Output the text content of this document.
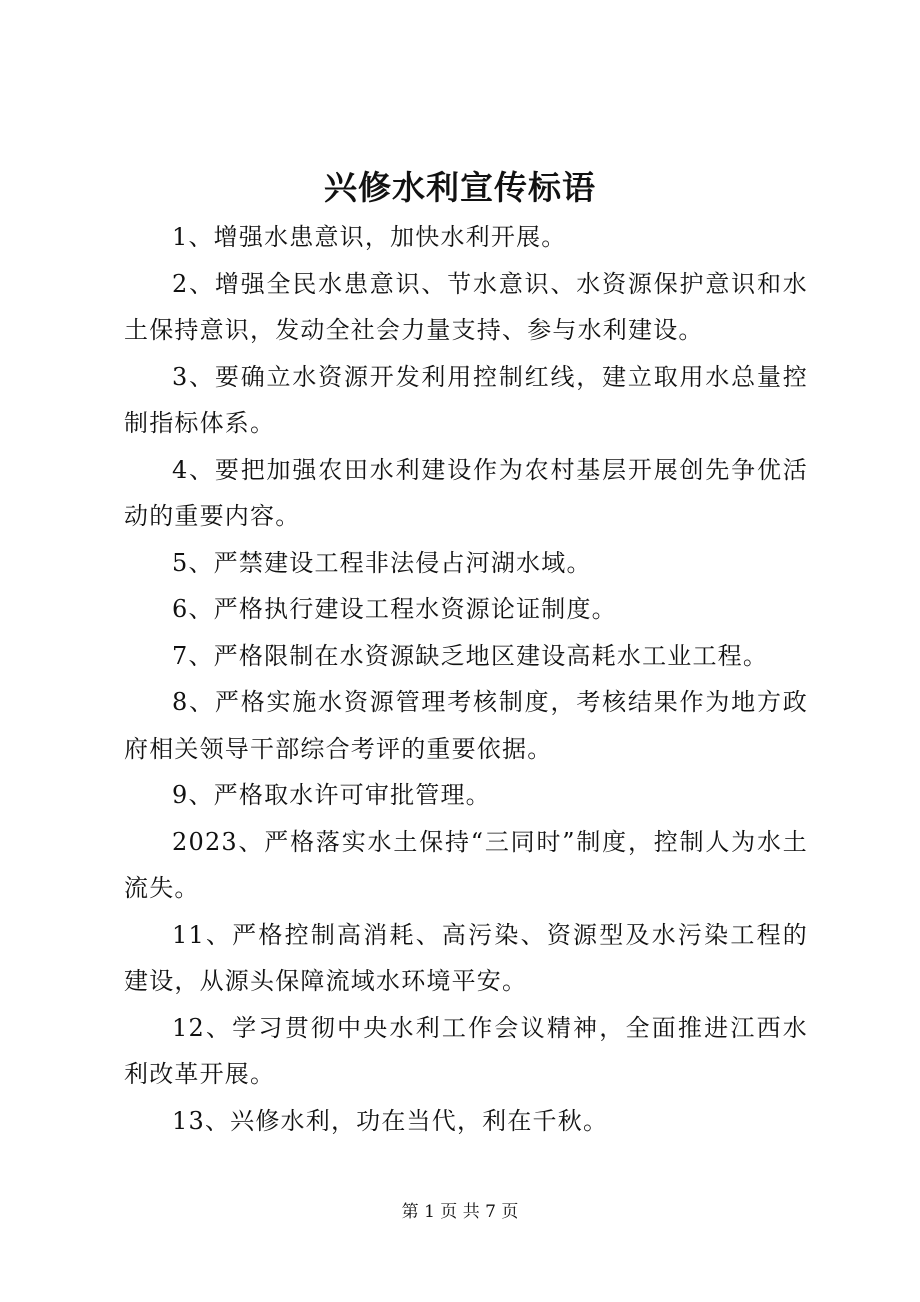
兴修水利宣传标语

1、增强水患意识，加快水利开展。

2、增强全民水患意识、节水意识、水资源保护意识和水土保持意识，发动全社会力量支持、参与水利建设。

3、要确立水资源开发利用控制红线，建立取用水总量控制指标体系。

4、要把加强农田水利建设作为农村基层开展创先争优活动的重要内容。

5、严禁建设工程非法侵占河湖水域。

6、严格执行建设工程水资源论证制度。

7、严格限制在水资源缺乏地区建设高耗水工业工程。

8、严格实施水资源管理考核制度，考核结果作为地方政府相关领导干部综合考评的重要依据。

9、严格取水许可审批管理。

2023、严格落实水土保持“三同时”制度，控制人为水土流失。

11、严格控制高消耗、高污染、资源型及水污染工程的建设，从源头保障流域水环境平安。

12、学习贯彻中央水利工作会议精神，全面推进江西水利改革开展。

13、兴修水利，功在当代，利在千秋。

第 1 页 共 7 页
